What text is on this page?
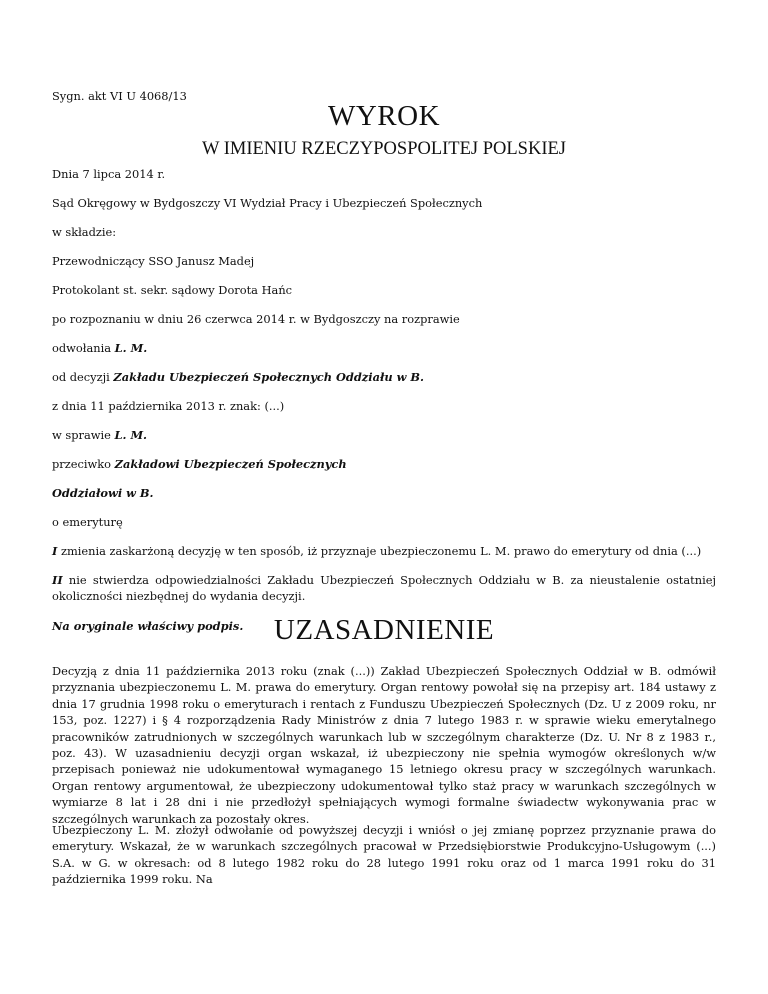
Sygn. akt VI U 4068/13
WYROK
W IMIENIU RZECZYPOSPOLITEJ POLSKIEJ
Dnia 7 lipca 2014 r.
Sąd Okręgowy w Bydgoszczy VI Wydział Pracy i Ubezpieczeń Społecznych
w składzie:
Przewodniczący SSO Janusz Madej
Protokolant st. sekr. sądowy Dorota Hańc
po rozpoznaniu w dniu 26 czerwca 2014 r. w Bydgoszczy na rozprawie
odwołania L. M.
od decyzji Zakładu Ubezpieczeń Społecznych Oddziału w B.
z dnia 11 października 2013 r. znak: (...)
w sprawie L. M.
przeciwko Zakładowi Ubezpieczeń Społecznych
Oddziałowi w B.
o emeryturę
I zmienia zaskarżoną decyzję w ten sposób, iż przyznaje ubezpieczonemu L. M. prawo do emerytury od dnia (...)
II nie stwierdza odpowiedzialności Zakładu Ubezpieczeń Społecznych Oddziału w B. za nieustalenie ostatniej okoliczności niezbędnej do wydania decyzji.
Na oryginale właściwy podpis.	UZASADNIENIE
Decyzją z dnia 11 października 2013 roku (znak (...)) Zakład Ubezpieczeń Społecznych Oddział w B. odmówił przyznania ubezpieczonemu L. M. prawa do emerytury. Organ rentowy powołał się na przepisy art. 184 ustawy z dnia 17 grudnia 1998 roku o emeryturach i rentach z Funduszu Ubezpieczeń Społecznych (Dz. U z 2009 roku, nr 153, poz. 1227) i § 4 rozporządzenia Rady Ministrów z dnia 7 lutego 1983 r. w sprawie wieku emerytalnego pracowników zatrudnionych w szczególnych warunkach lub w szczególnym charakterze (Dz. U. Nr 8 z 1983 r., poz. 43). W uzasadnieniu decyzji organ wskazał, iż ubezpieczony nie spełnia wymogów określonych w/w przepisach ponieważ nie udokumentował wymaganego 15 letniego okresu pracy w szczególnych warunkach. Organ rentowy argumentował, że ubezpieczony udokumentował tylko staż pracy w warunkach szczególnych w wymiarze 8 lat i 28 dni i nie przedłożył spełniających wymogi formalne świadectw wykonywania prac w szczególnych warunkach za pozostały okres.
Ubezpieczony L. M. złożył odwołanie od powyższej decyzji i wniósł o jej zmianę poprzez przyznanie prawa do emerytury. Wskazał, że w warunkach szczególnych pracował w Przedsiębiorstwie Produkcyjno-Usługowym (...) S.A. w G. w okresach: od 8 lutego 1982 roku do 28 lutego 1991 roku oraz od 1 marca 1991 roku do 31 października 1999 roku. Na
